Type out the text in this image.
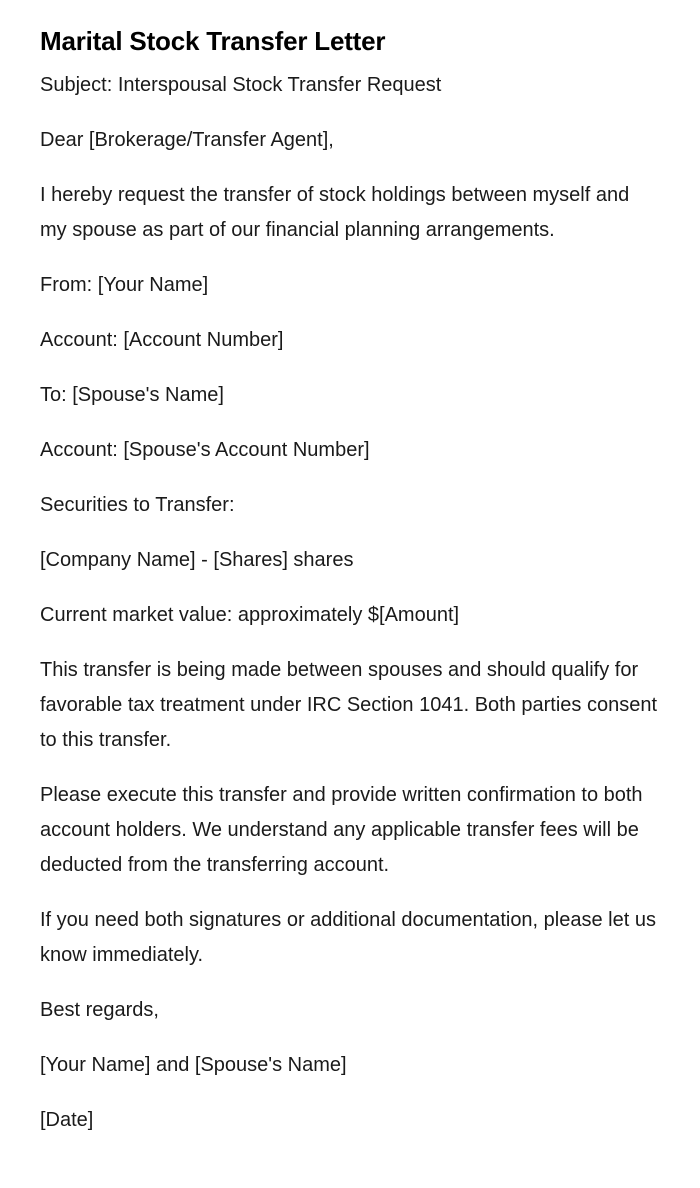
Marital Stock Transfer Letter

Subject: Interspousal Stock Transfer Request

Dear [Brokerage/Transfer Agent],

I hereby request the transfer of stock holdings between myself and my spouse as part of our financial planning arrangements.

From: [Your Name]

Account: [Account Number]

To: [Spouse's Name]

Account: [Spouse's Account Number]

Securities to Transfer:

[Company Name] - [Shares] shares

Current market value: approximately $[Amount]

This transfer is being made between spouses and should qualify for favorable tax treatment under IRC Section 1041. Both parties consent to this transfer.

Please execute this transfer and provide written confirmation to both account holders. We understand any applicable transfer fees will be deducted from the transferring account.

If you need both signatures or additional documentation, please let us know immediately.

Best regards,

[Your Name] and [Spouse's Name]

[Date]
